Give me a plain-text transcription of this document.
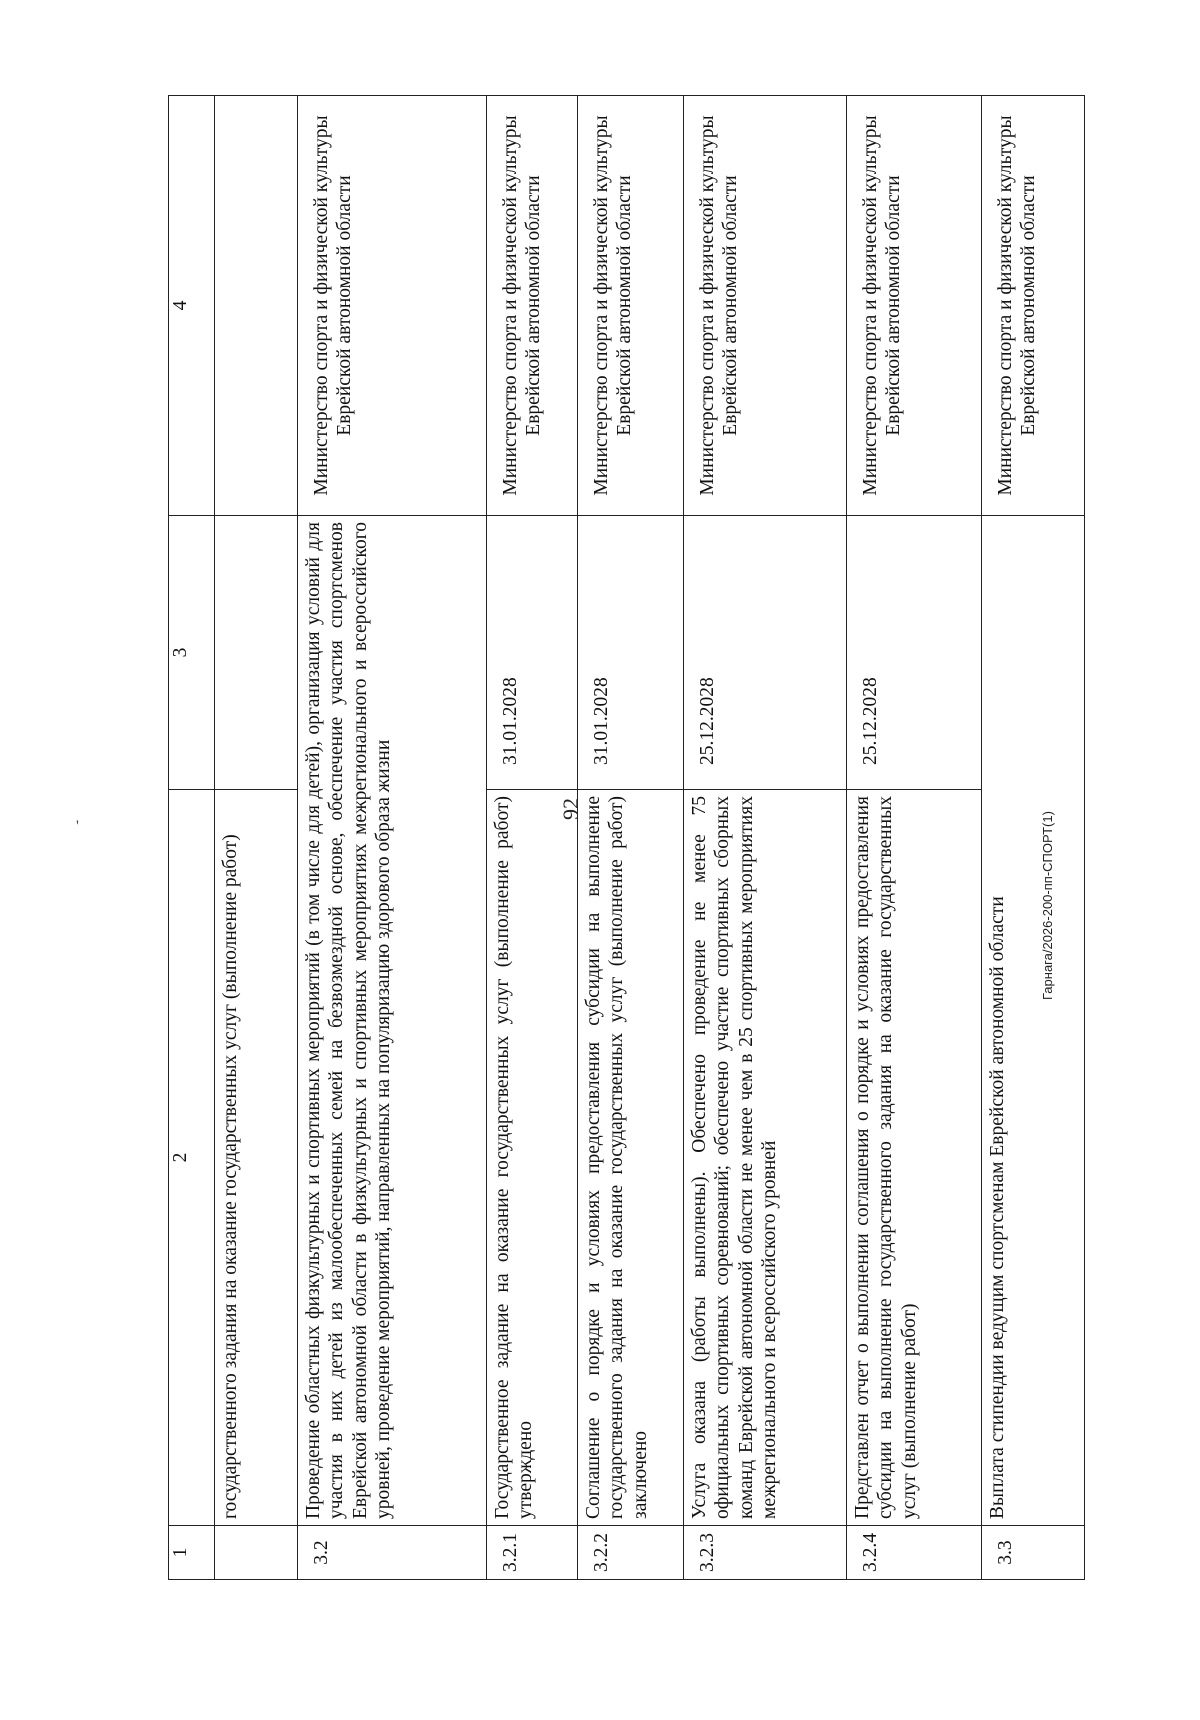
92
'
1	2	3	4
	государственного задания на оказание государственных услуг (выполнение работ)		
3.2	Проведение областных физкультурных и спортивных мероприятий (в том числе для детей), организация условий для участия в них детей из малообеспеченных семей на безвозмездной основе, обеспечение участия спортсменов Еврейской автономной области в физкультурных и спортивных мероприятиях межрегионального и всероссийского уровней, проведение мероприятий, направленных на популяризацию здорового образа жизни		Министерство спорта и физической культуры Еврейской автономной области
3.2.1	Государственное задание на оказание государственных услуг (выполнение работ) утверждено	31.01.2028	Министерство спорта и физической культуры Еврейской автономной области
3.2.2	Соглашение о порядке и условиях предоставления субсидии на выполнение государственного задания на оказание государственных услуг (выполнение работ) заключено	31.01.2028	Министерство спорта и физической культуры Еврейской автономной области
3.2.3	Услуга оказана (работы выполнены). Обеспечено проведение не менее 75 официальных спортивных соревнований; обеспечено участие спортивных сборных команд Еврейской автономной области не менее чем в 25 спортивных мероприятиях межрегионального и всероссийского уровней	25.12.2028	Министерство спорта и физической культуры Еврейской автономной области
3.2.4	Представлен отчет о выполнении соглашения о порядке и условиях предоставления субсидии на выполнение государственного задания на оказание государственных услуг (выполнение работ)	25.12.2028	Министерство спорта и физической культуры Еврейской автономной области
3.3	Выплата стипендии ведущим спортсменам Еврейской автономной области		Министерство спорта и физической культуры Еврейской автономной области
Гарнага/2026-200-пп-СПОРТ(1)
